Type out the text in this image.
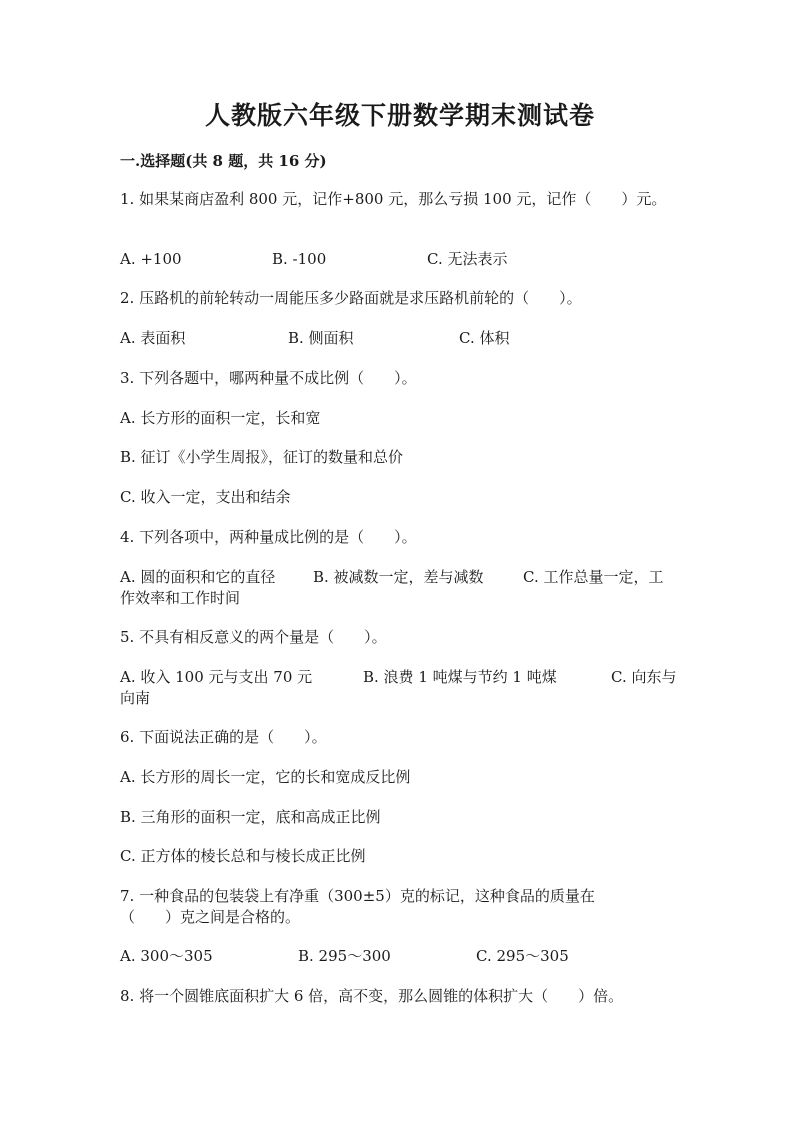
人教版六年级下册数学期末测试卷
一.选择题(共 8 题，共 16 分)
1. 如果某商店盈利 800 元，记作+800 元，那么亏损 100 元，记作（　　）元。
A. +100	B. -100	C. 无法表示
2. 压路机的前轮转动一周能压多少路面就是求压路机前轮的（　　）。
A. 表面积	B. 侧面积	C. 体积
3. 下列各题中，哪两种量不成比例（　　）。
A. 长方形的面积一定，长和宽
B. 征订《小学生周报》，征订的数量和总价
C. 收入一定，支出和结余
4. 下列各项中，两种量成比例的是（　　）。
A. 圆的面积和它的直径	B. 被减数一定，差与减数	C. 工作总量一定，工
作效率和工作时间
5. 不具有相反意义的两个量是（　　）。
A. 收入 100 元与支出 70 元	B. 浪费 1 吨煤与节约 1 吨煤	C. 向东与
向南
6. 下面说法正确的是（　　）。
A. 长方形的周长一定，它的长和宽成反比例
B. 三角形的面积一定，底和高成正比例
C. 正方体的棱长总和与棱长成正比例
7. 一种食品的包装袋上有净重（300±5）克的标记，这种食品的质量在
（　　）克之间是合格的。
A. 300～305	B. 295～300	C. 295～305
8. 将一个圆锥底面积扩大 6 倍，高不变，那么圆锥的体积扩大（　　）倍。
